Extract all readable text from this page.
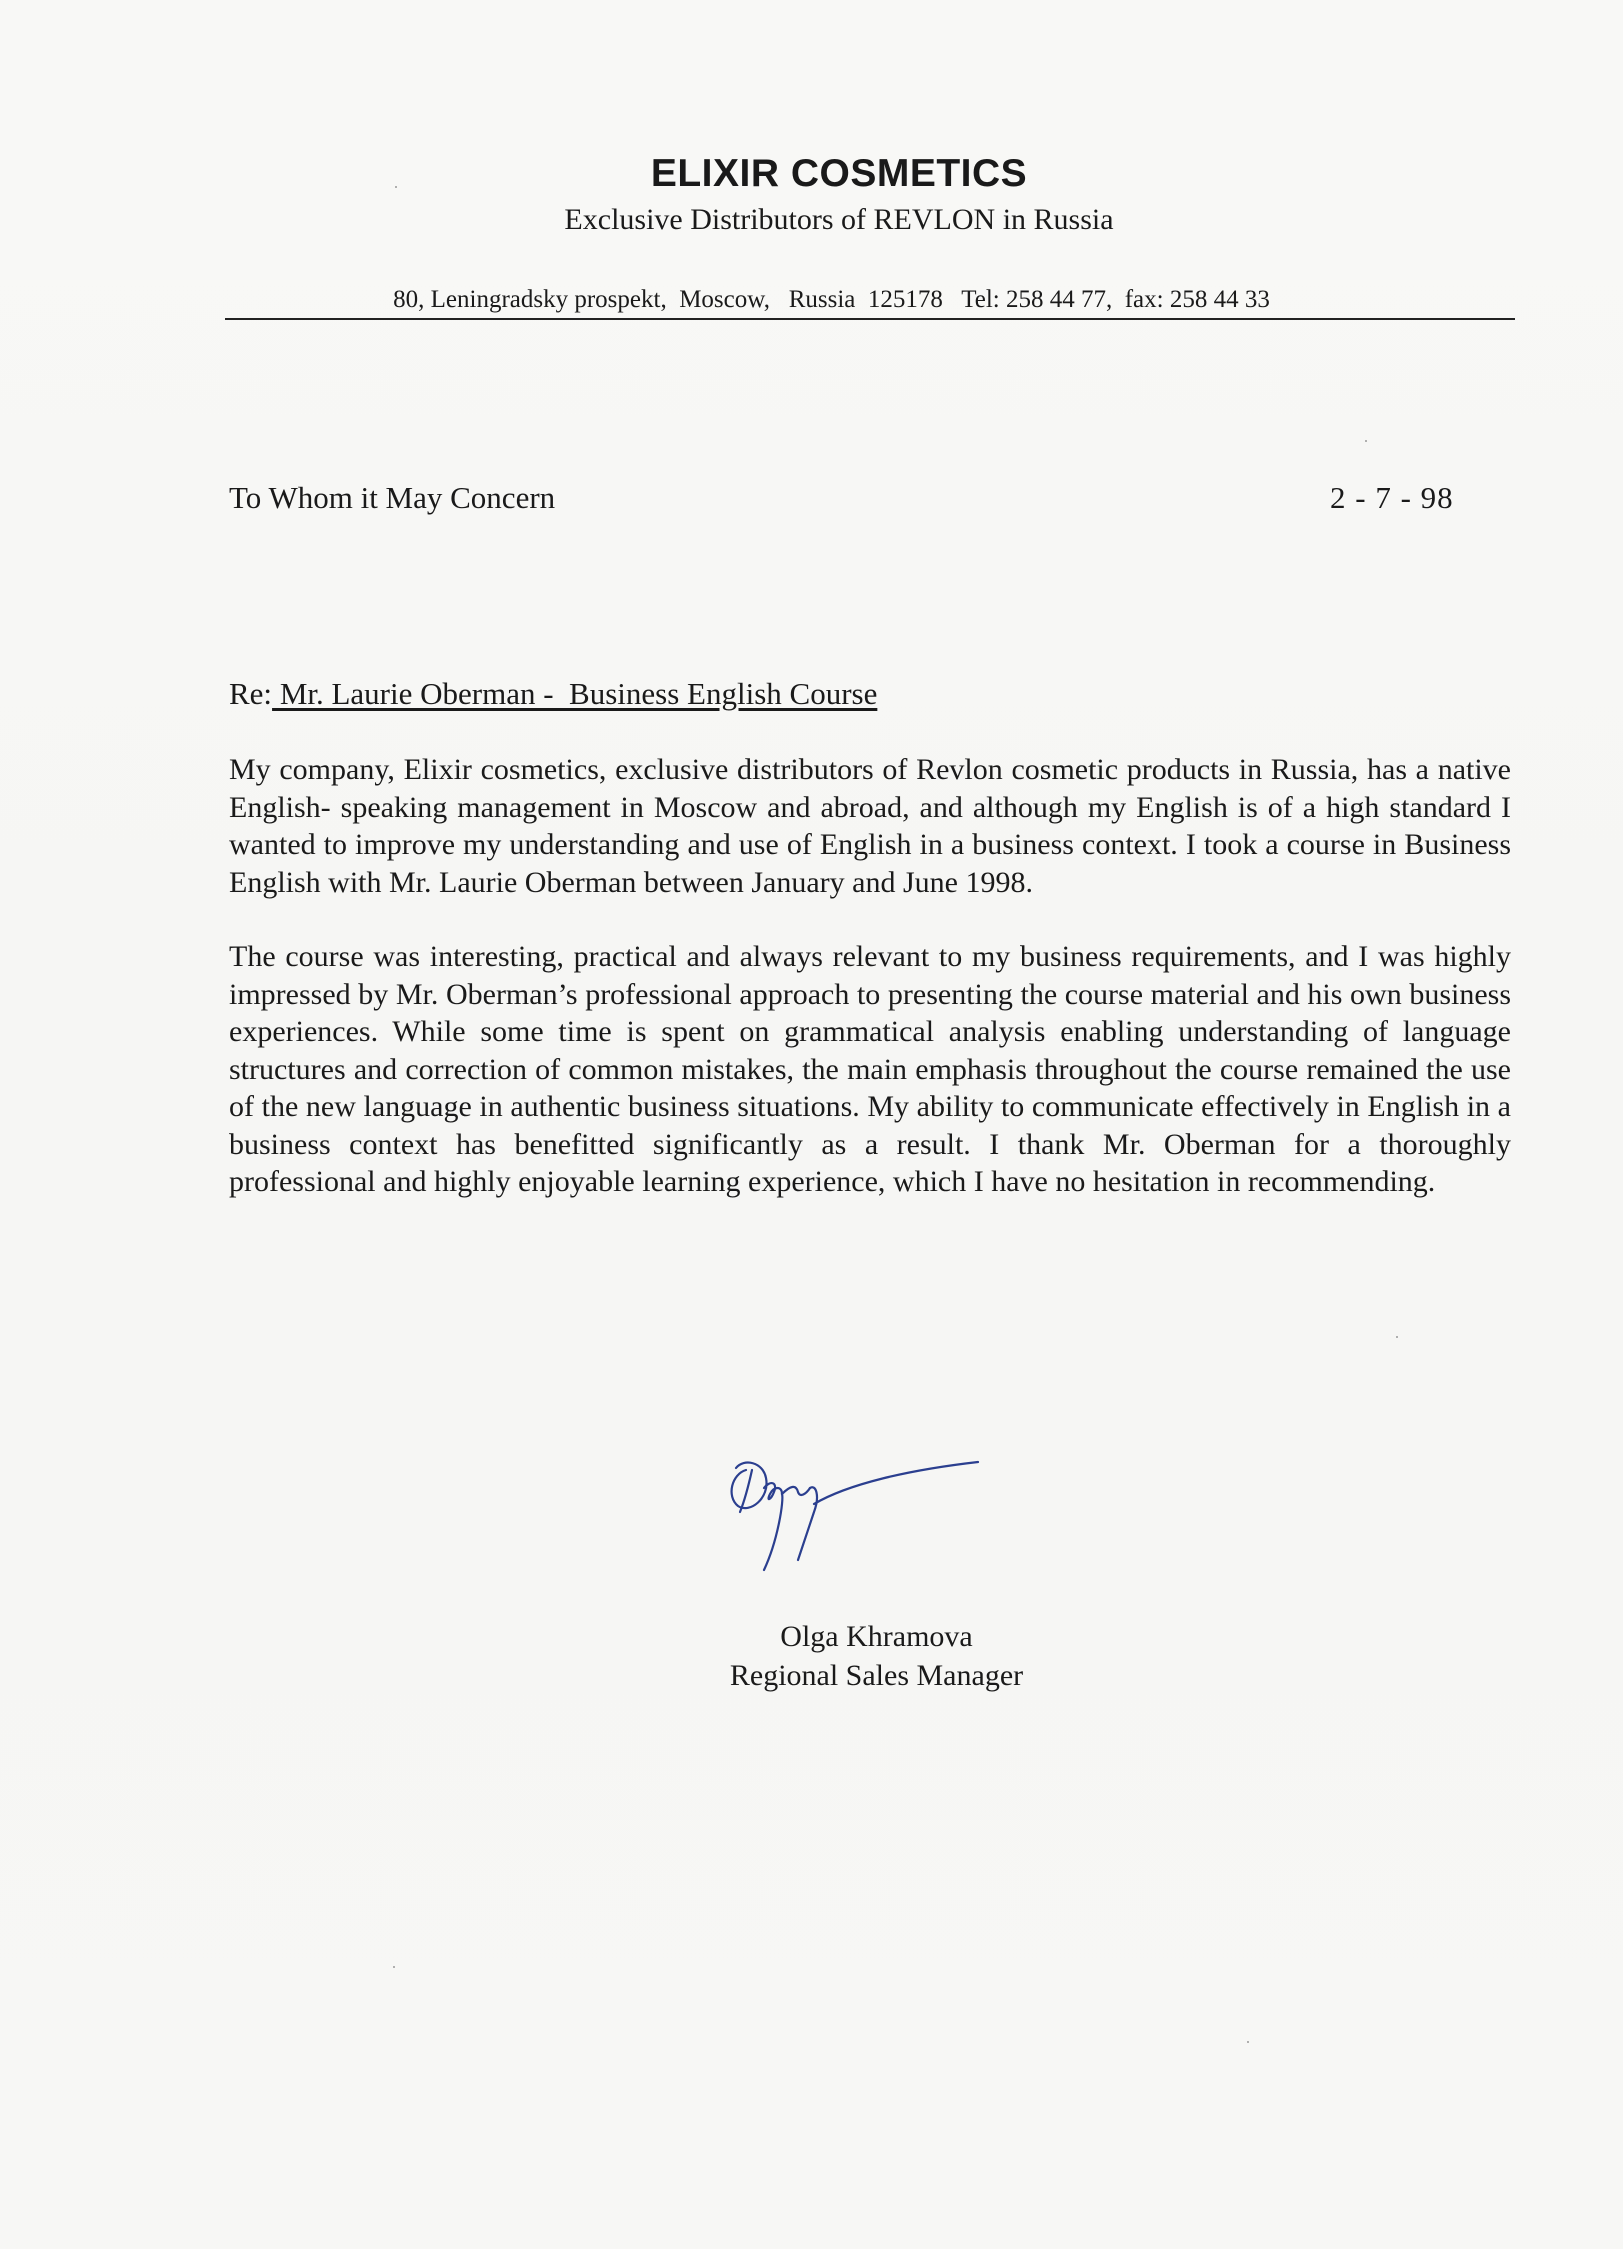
ELIXIR COSMETICS
Exclusive Distributors of REVLON in Russia
80, Leningradsky prospekt, Moscow, Russia  125178 Tel: 258 44 77, fax: 258 44 33
To Whom it May Concern	2 - 7 - 98
Re: Mr. Laurie Oberman -  Business English Course

My company, Elixir cosmetics, exclusive distributors of Revlon cosmetic products in Russia, has a native English- speaking management in Moscow and abroad, and although my English is of a high standard I wanted to improve my understanding and use of English in a business context. I took a course in Business English with Mr. Laurie Oberman between January and June 1998.

The course was interesting, practical and always relevant to my business requirements, and I was highly impressed by Mr. Oberman’s professional approach to presenting the course material and his own business experiences. While some time is spent on grammatical analysis enabling understanding of language structures and correction of common mistakes, the main emphasis throughout the course remained the use of the new language in authentic business situations. My ability to communicate effectively in English in a business context has benefitted significantly as a result. I thank Mr. Oberman for a thoroughly professional and highly enjoyable learning experience, which I have no hesitation in recommending.

Olga Khramova
Regional Sales Manager
